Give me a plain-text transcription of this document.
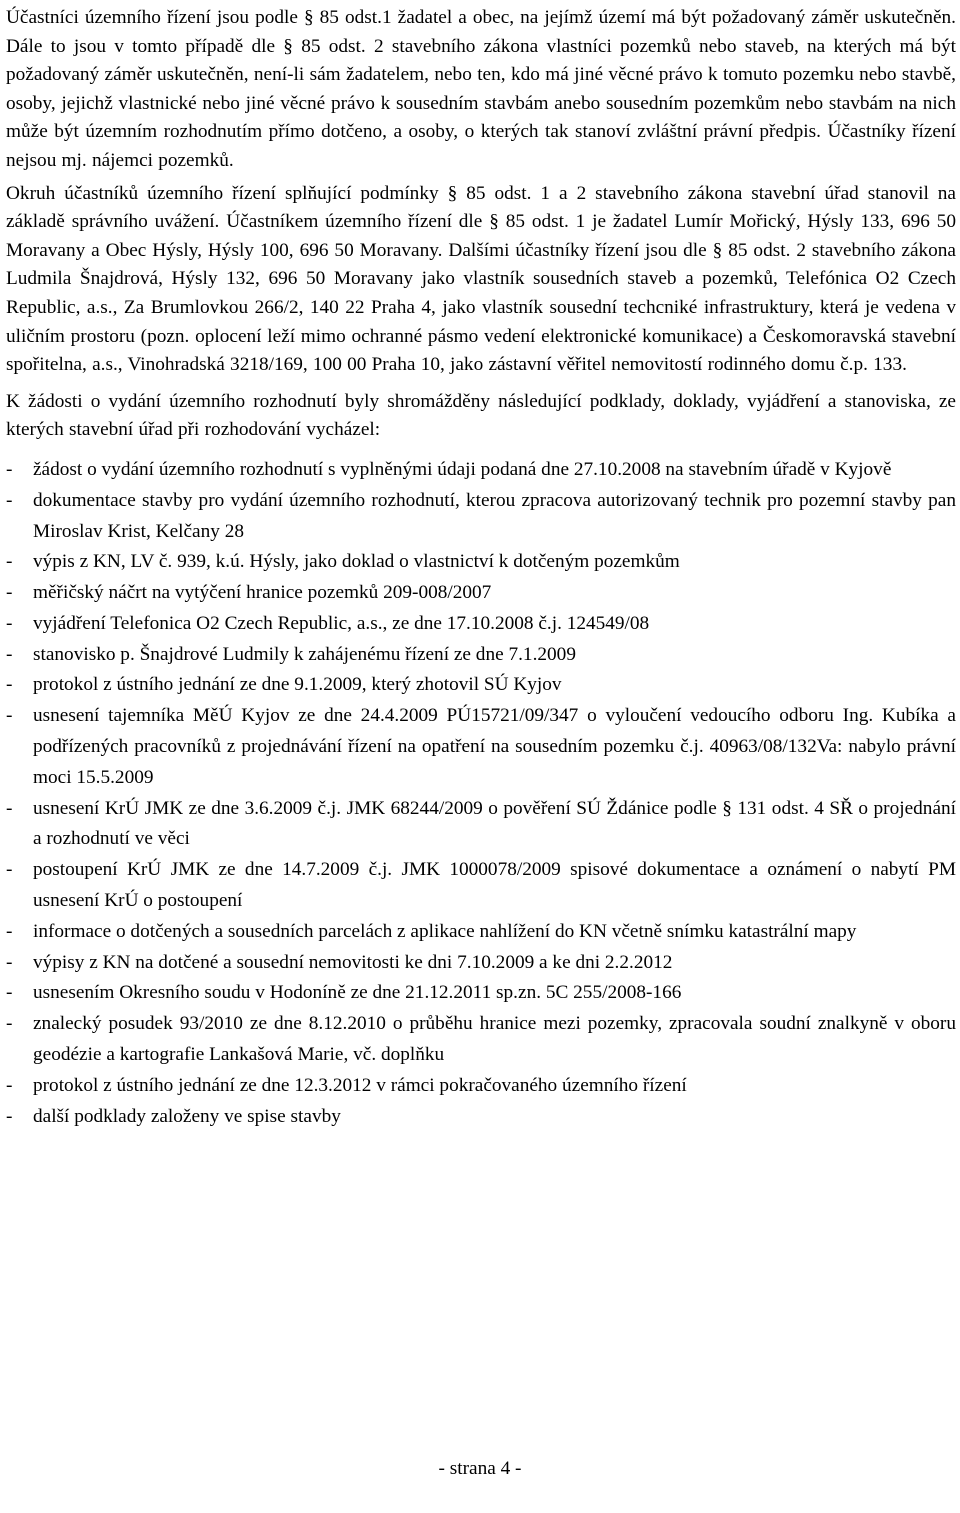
Účastníci územního řízení jsou podle § 85 odst.1 žadatel a obec, na jejímž území má být požadovaný záměr uskutečněn. Dále to jsou v tomto případě dle § 85 odst. 2 stavebního zákona vlastníci pozemků nebo staveb, na kterých má být požadovaný záměr uskutečněn, není-li sám žadatelem, nebo ten, kdo má jiné věcné právo k tomuto pozemku nebo stavbě, osoby, jejichž vlastnické nebo jiné věcné právo k sousedním stavbám anebo sousedním pozemkům nebo stavbám na nich může být územním rozhodnutím přímo dotčeno, a osoby, o kterých tak stanoví zvláštní právní předpis. Účastníky řízení nejsou mj. nájemci pozemků.

Okruh účastníků územního řízení splňující podmínky § 85 odst. 1 a 2 stavebního zákona stavební úřad stanovil na základě správního uvážení. Účastníkem územního řízení dle § 85 odst. 1 je žadatel Lumír Mořický, Hýsly 133, 696 50 Moravany a Obec Hýsly, Hýsly 100, 696 50 Moravany. Dalšími účastníky řízení jsou dle § 85 odst. 2 stavebního zákona Ludmila Šnajdrová, Hýsly 132, 696 50 Moravany jako vlastník sousedních staveb a pozemků, Telefónica O2 Czech Republic, a.s., Za Brumlovkou 266/2, 140 22 Praha 4, jako vlastník sousední techcniké infrastruktury, která je vedena v uličním prostoru (pozn. oplocení leží mimo ochranné pásmo vedení elektronické komunikace) a Českomoravská stavební spořitelna, a.s., Vinohradská 3218/169, 100 00 Praha 10, jako zástavní věřitel nemovitostí rodinného domu č.p. 133.

K žádosti o vydání územního rozhodnutí byly shromážděny následující podklady, doklady, vyjádření a stanoviska, ze kterých stavební úřad při rozhodování vycházel:

- žádost o vydání územního rozhodnutí s vyplněnými údaji podaná dne 27.10.2008 na stavebním úřadě v Kyjově
- dokumentace stavby pro vydání územního rozhodnutí, kterou zpracova autorizovaný technik pro pozemní stavby pan Miroslav Krist, Kelčany 28
- výpis z KN, LV č. 939, k.ú. Hýsly, jako doklad o vlastnictví k dotčeným pozemkům
- měřičský náčrt na vytýčení hranice pozemků 209-008/2007
- vyjádření Telefonica O2 Czech Republic, a.s., ze dne 17.10.2008 č.j. 124549/08
- stanovisko p. Šnajdrové Ludmily k zahájenému řízení ze dne 7.1.2009
- protokol z ústního jednání ze dne 9.1.2009, který zhotovil SÚ Kyjov
- usnesení tajemníka MěÚ Kyjov ze dne 24.4.2009 PÚ15721/09/347 o vyloučení vedoucího odboru Ing. Kubíka a podřízených pracovníků z projednávání řízení na opatření na sousedním pozemku č.j. 40963/08/132Va: nabylo právní moci 15.5.2009
- usnesení KrÚ JMK ze dne 3.6.2009 č.j. JMK 68244/2009 o pověření SÚ Ždánice podle § 131 odst. 4 SŘ o projednání a rozhodnutí ve věci
- postoupení KrÚ JMK ze dne 14.7.2009 č.j. JMK 1000078/2009 spisové dokumentace a oznámení o nabytí PM usnesení KrÚ o postoupení
- informace o dotčených a sousedních parcelách z aplikace nahlížení do KN včetně snímku katastrální mapy
- výpisy z KN na dotčené a sousední nemovitosti ke dni 7.10.2009 a ke dni 2.2.2012
- usnesením Okresního soudu v Hodoníně ze dne 21.12.2011 sp.zn. 5C 255/2008-166
- znalecký posudek 93/2010 ze dne 8.12.2010 o průběhu hranice mezi pozemky, zpracovala soudní znalkyně v oboru geodézie a kartografie Lankašová Marie, vč. doplňku
- protokol z ústního jednání ze dne 12.3.2012 v rámci pokračovaného územního řízení
- další podklady založeny ve spise stavby
- strana 4 -
